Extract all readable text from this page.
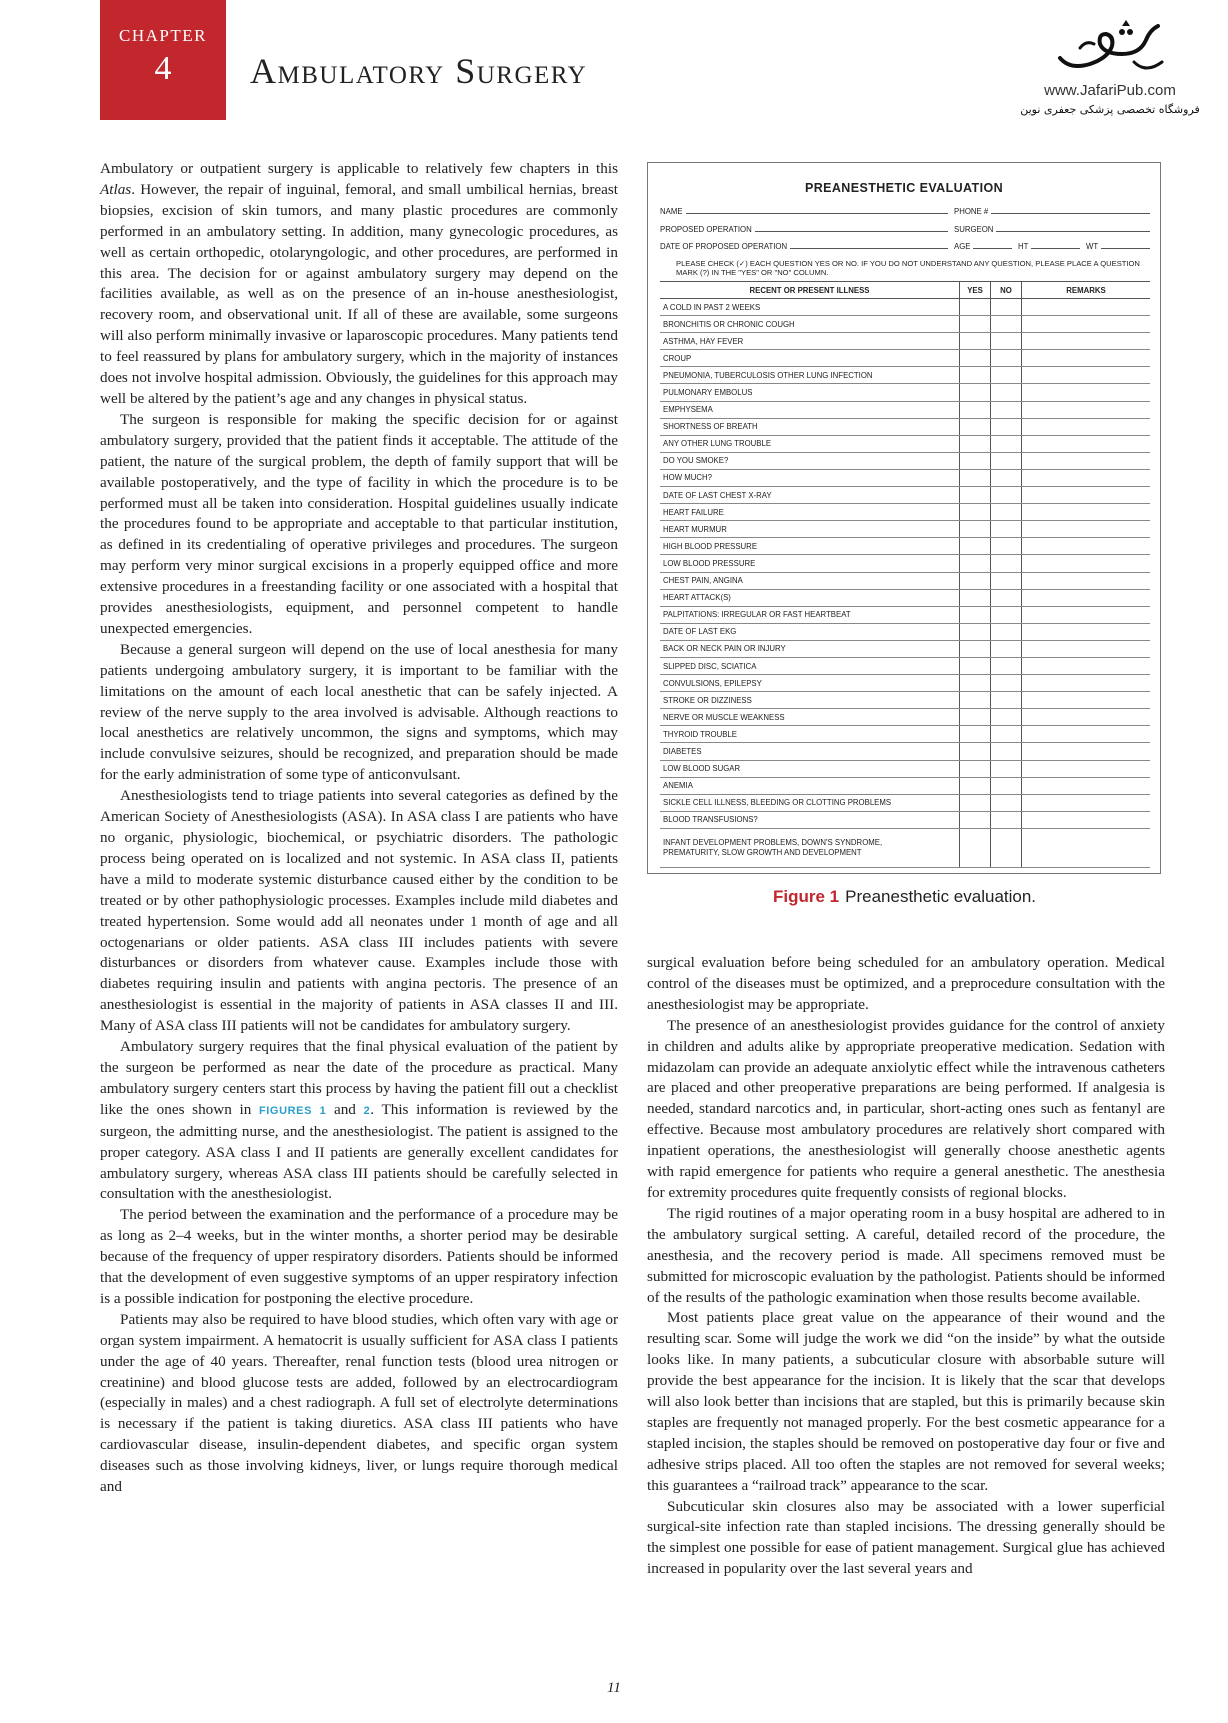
CHAPTER
4	Ambulatory Surgery	www.JafariPub.com
فروشگاه تخصصی پزشکی جعفری نوین

Ambulatory or outpatient surgery is applicable to relatively few chapters in this Atlas. However, the repair of inguinal, femoral, and small umbilical hernias, breast biopsies, excision of skin tumors, and many plastic procedures are commonly performed in an ambulatory setting. In addition, many gynecologic procedures, as well as certain orthopedic, otolaryngologic, and other procedures, are performed in this area. The decision for or against ambulatory surgery may depend on the facilities available, as well as on the presence of an in-house anesthesiologist, recovery room, and observational unit. If all of these are available, some surgeons will also perform minimally invasive or laparoscopic procedures. Many patients tend to feel reassured by plans for ambulatory surgery, which in the majority of instances does not involve hospital admission. Obviously, the guidelines for this approach may well be altered by the patient’s age and any changes in physical status.

The surgeon is responsible for making the specific decision for or against ambulatory surgery, provided that the patient finds it acceptable. The attitude of the patient, the nature of the surgical problem, the depth of family support that will be available postoperatively, and the type of facility in which the procedure is to be performed must all be taken into consideration. Hospital guidelines usually indicate the procedures found to be appropriate and acceptable to that particular institution, as defined in its credentialing of operative privileges and procedures. The surgeon may perform very minor surgical excisions in a properly equipped office and more extensive procedures in a freestanding facility or one associated with a hospital that provides anesthesiologists, equipment, and personnel competent to handle unexpected emergencies.

Because a general surgeon will depend on the use of local anesthesia for many patients undergoing ambulatory surgery, it is important to be familiar with the limitations on the amount of each local anesthetic that can be safely injected. A review of the nerve supply to the area involved is advisable. Although reactions to local anesthetics are relatively uncommon, the signs and symptoms, which may include convulsive seizures, should be recognized, and preparation should be made for the early administration of some type of anticonvulsant.

Anesthesiologists tend to triage patients into several categories as defined by the American Society of Anesthesiologists (ASA). In ASA class I are patients who have no organic, physiologic, biochemical, or psychiatric disorders. The pathologic process being operated on is localized and not systemic. In ASA class II, patients have a mild to moderate systemic disturbance caused either by the condition to be treated or by other pathophysiologic processes. Examples include mild diabetes and treated hypertension. Some would add all neonates under 1 month of age and all octogenarians or older patients. ASA class III includes patients with severe disturbances or disorders from whatever cause. Examples include those with diabetes requiring insulin and patients with angina pectoris. The presence of an anesthesiologist is essential in the majority of patients in ASA classes II and III. Many of ASA class III patients will not be candidates for ambulatory surgery.

Ambulatory surgery requires that the final physical evaluation of the patient by the surgeon be performed as near the date of the procedure as practical. Many ambulatory surgery centers start this process by having the patient fill out a checklist like the ones shown in FIGURES 1 and 2. This information is reviewed by the surgeon, the admitting nurse, and the anesthesiologist. The patient is assigned to the proper category. ASA class I and II patients are generally excellent candidates for ambulatory surgery, whereas ASA class III patients should be carefully selected in consultation with the anesthesiologist.

The period between the examination and the performance of a procedure may be as long as 2–4 weeks, but in the winter months, a shorter period may be desirable because of the frequency of upper respiratory disorders. Patients should be informed that the development of even suggestive symptoms of an upper respiratory infection is a possible indication for postponing the elective procedure.

Patients may also be required to have blood studies, which often vary with age or organ system impairment. A hematocrit is usually sufficient for ASA class I patients under the age of 40 years. Thereafter, renal function tests (blood urea nitrogen or creatinine) and blood glucose tests are added, followed by an electrocardiogram (especially in males) and a chest radiograph. A full set of electrolyte determinations is necessary if the patient is taking diuretics. ASA class III patients who have cardiovascular disease, insulin-dependent diabetes, and specific organ system diseases such as those involving kidneys, liver, or lungs require thorough medical and

PREANESTHETIC EVALUATION
NAME	PHONE #
PROPOSED OPERATION	SURGEON
DATE OF PROPOSED OPERATION	AGE	HT	WT
PLEASE CHECK (✓) EACH QUESTION YES OR NO. IF YOU DO NOT UNDERSTAND ANY QUESTION, PLEASE PLACE A QUESTION MARK (?) IN THE "YES" OR "NO" COLUMN.
RECENT OR PRESENT ILLNESS	YES	NO	REMARKS
A COLD IN PAST 2 WEEKS			
BRONCHITIS OR CHRONIC COUGH			
ASTHMA, HAY FEVER			
CROUP			
PNEUMONIA, TUBERCULOSIS OTHER LUNG INFECTION			
PULMONARY EMBOLUS			
EMPHYSEMA			
SHORTNESS OF BREATH			
ANY OTHER LUNG TROUBLE			
DO YOU SMOKE?			
HOW MUCH?			
DATE OF LAST CHEST X-RAY			
HEART FAILURE			
HEART MURMUR			
HIGH BLOOD PRESSURE			
LOW BLOOD PRESSURE			
CHEST PAIN, ANGINA			
HEART ATTACK(S)			
PALPITATIONS: IRREGULAR OR FAST HEARTBEAT			
DATE OF LAST EKG			
BACK OR NECK PAIN OR INJURY			
SLIPPED DISC, SCIATICA			
CONVULSIONS, EPILEPSY			
STROKE OR DIZZINESS			
NERVE OR MUSCLE WEAKNESS			
THYROID TROUBLE			
DIABETES			
LOW BLOOD SUGAR			
ANEMIA			
SICKLE CELL ILLNESS, BLEEDING OR CLOTTING PROBLEMS			
BLOOD TRANSFUSIONS?			

INFANT DEVELOPMENT PROBLEMS, DOWN'S SYNDROME,
PREMATURITY, SLOW GROWTH AND DEVELOPMENT			

Figure 1 Preanesthetic evaluation.

surgical evaluation before being scheduled for an ambulatory operation. Medical control of the diseases must be optimized, and a preprocedure consultation with the anesthesiologist may be appropriate.

The presence of an anesthesiologist provides guidance for the control of anxiety in children and adults alike by appropriate preoperative medication. Sedation with midazolam can provide an adequate anxiolytic effect while the intravenous catheters are placed and other preoperative preparations are being performed. If analgesia is needed, standard narcotics and, in particular, short-acting ones such as fentanyl are effective. Because most ambulatory procedures are relatively short compared with inpatient operations, the anesthesiologist will generally choose anesthetic agents with rapid emergence for patients who require a general anesthetic. The anesthesia for extremity procedures quite frequently consists of regional blocks.

The rigid routines of a major operating room in a busy hospital are adhered to in the ambulatory surgical setting. A careful, detailed record of the procedure, the anesthesia, and the recovery period is made. All specimens removed must be submitted for microscopic evaluation by the pathologist. Patients should be informed of the results of the pathologic examination when those results become available.

Most patients place great value on the appearance of their wound and the resulting scar. Some will judge the work we did “on the inside” by what the outside looks like. In many patients, a subcuticular closure with absorbable suture will provide the best appearance for the incision. It is likely that the scar that develops will also look better than incisions that are stapled, but this is primarily because skin staples are frequently not managed properly. For the best cosmetic appearance for a stapled incision, the staples should be removed on postoperative day four or five and adhesive strips placed. All too often the staples are not removed for several weeks; this guarantees a “railroad track” appearance to the scar.

Subcuticular skin closures also may be associated with a lower superficial surgical-site infection rate than stapled incisions. The dressing generally should be the simplest one possible for ease of patient management. Surgical glue has achieved increased in popularity over the last several years and

11
